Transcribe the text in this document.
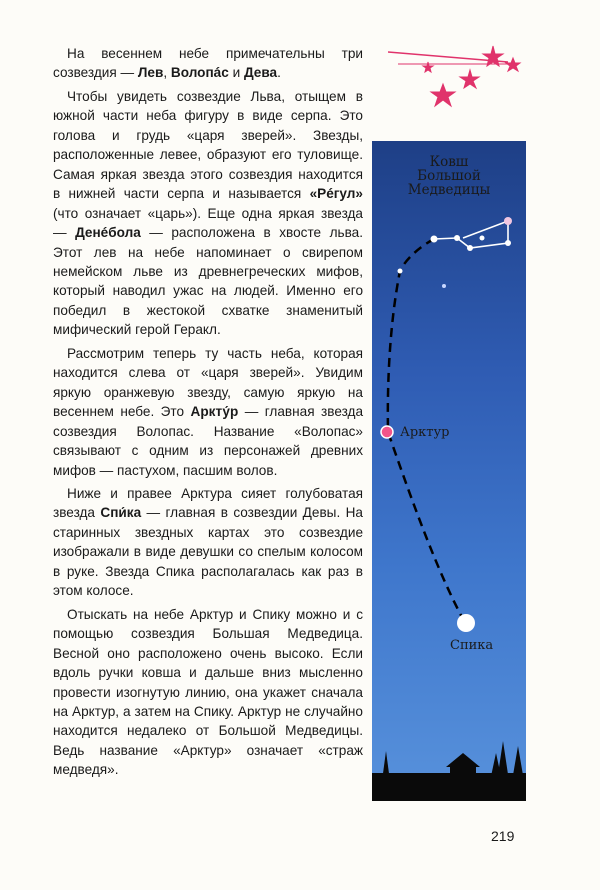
На весеннем небе примечательны три созвездия — Лев, Волопáс и Дева.

Чтобы увидеть созвездие Льва, отыщем в южной части неба фигуру в виде серпа. Это голова и грудь «царя зверей». Звезды, расположенные левее, образуют его туловище. Самая яркая звезда этого созвездия находится в нижней части серпа и называется «Рéгул» (что означает «царь»). Еще одна яркая звезда — Денéбола — расположена в хвосте льва. Этот лев на небе напоминает о свирепом немейском льве из древнегреческих мифов, который наводил ужас на людей. Именно его победил в жестокой схватке знаменитый мифический герой Геракл.

Рассмотрим теперь ту часть неба, которая находится слева от «царя зверей». Увидим яркую оранжевую звезду, самую яркую на весеннем небе. Это Аркту́р — главная звезда созвездия Волопас. Название «Волопас» связывают с одним из персонажей древних мифов — пастухом, пасшим волов.

Ниже и правее Арктура сияет голубоватая звезда Спи́ка — главная в созвездии Девы. На старинных звездных картах это созвездие изображали в виде девушки со спелым колосом в руке. Звезда Спика располагалась как раз в этом колосе.

Отыскать на небе Арктур и Спику можно и с помощью созвездия Большая Медведица. Весной оно расположено очень высоко. Если вдоль ручки ковша и дальше вниз мысленно провести изогнутую линию, она укажет сначала на Арктур, а затем на Спику. Арктур не случайно находится недалеко от Большой Медведицы. Ведь название «Арктур» означает «страж медведя».

Ковш
Большой
Медведицы
Арктур
Спика
219
